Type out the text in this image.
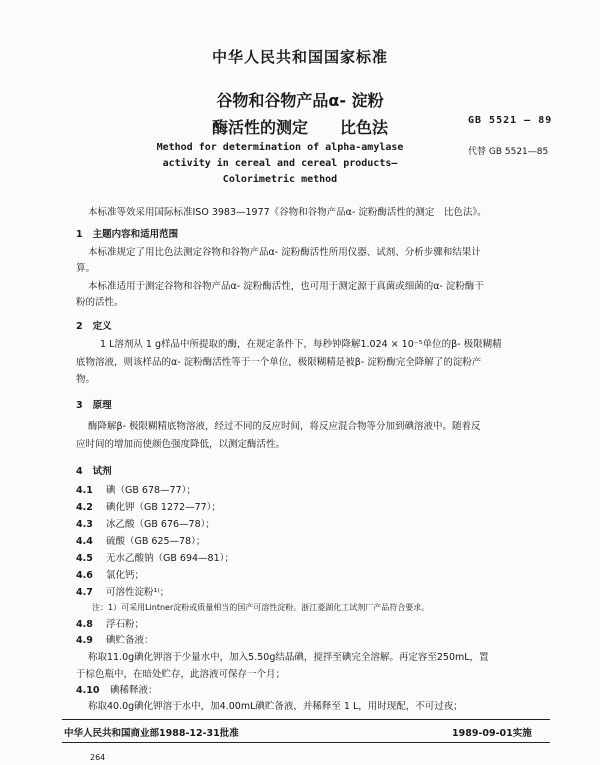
中华人民共和国国家标准
谷物和谷物产品α- 淀粉
酶活性的测定　　比色法	GB 5521 — 89
代替 GB 5521—85
Method for determination of alpha-amylase
activity in cereal and cereal products—
Colorimetric method
本标准等效采用国际标准ISO 3983—1977《谷物和谷物产品α- 淀粉酶活性的测定　比色法》。
1 主题内容和适用范围
本标准规定了用比色法测定谷物和谷物产品α- 淀粉酶活性所用仪器、试剂、分析步骤和结果计
算。
本标准适用于测定谷物和谷物产品α- 淀粉酶活性，也可用于测定源于真菌或细菌的α- 淀粉酶干
粉的活性。
2 定义
1 L溶剂从 1 g样品中所提取的酶，在规定条件下，每秒钟降解1.024 × 10⁻⁵单位的β- 极限糊精
底物溶液，则该样品的α- 淀粉酶活性等于一个单位，极限糊精是被β- 淀粉酶完全降解了的淀粉产
物。
3 原理
酶降解β- 极限糊精底物溶液，经过不同的反应时间，将反应混合物等分加到碘溶液中。随着反
应时间的增加而使颜色强度降低，以测定酶活性。
4 试剂
4.1 碘（GB 678—77）；
4.2 碘化钾（GB 1272—77）；
4.3 冰乙酸（GB 676—78）；
4.4 硫酸（GB 625—78）；
4.5 无水乙酸钠（GB 694—81）；
4.6 氯化钙；
4.7 可溶性淀粉¹⁾；
注：1）可采用Lintner淀粉或质量相当的国产可溶性淀粉。浙江菱湖化工试剂厂产品符合要求。
4.8 浮石粉；
4.9 碘贮备液：
称取11.0g碘化钾溶于少量水中，加入5.50g结晶碘，搅拌至碘完全溶解。再定容至250mL，置
于棕色瓶中，在暗处贮存，此溶液可保存一个月；
4.10 碘稀释液：
称取40.0g碘化钾溶于水中，加4.00mL碘贮备液，并稀释至 1 L，用时现配，不可过夜；
中华人民共和国商业部1988-12-31批准	1989-09-01实施
264
